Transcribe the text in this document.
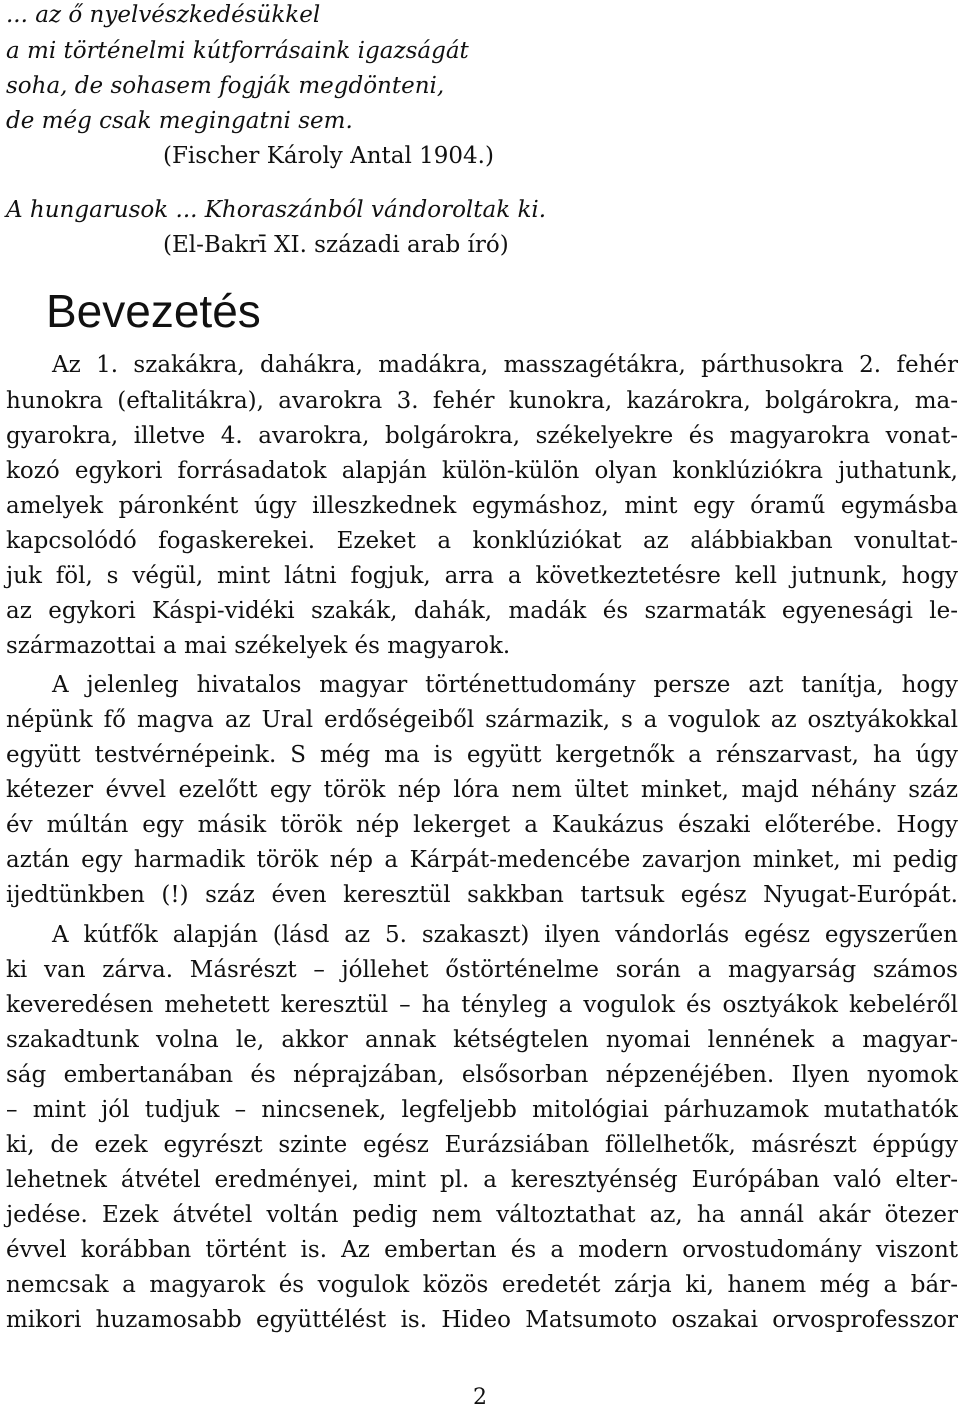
... az ő nyelvészkedésükkel
a mi történelmi kútforrásaink igazságát
soha, de sohasem fogják megdönteni,
de még csak megingatni sem.
(Fischer Károly Antal 1904.)
A hungarusok ... Khoraszánból vándoroltak ki.
(El-Bakrī XI. századi arab író)
Bevezetés
Az 1. szakákra, dahákra, madákra, masszagétákra, párthusokra 2. fehér
hunokra (eftalitákra), avarokra 3. fehér kunokra, kazárokra, bolgárokra, ma-
gyarokra, illetve 4. avarokra, bolgárokra, székelyekre és magyarokra vonat-
kozó egykori forrásadatok alapján külön-külön olyan konklúziókra juthatunk,
amelyek páronként úgy illeszkednek egymáshoz, mint egy óramű egymásba
kapcsolódó fogaskerekei. Ezeket a konklúziókat az alábbiakban vonultat-
juk föl, s végül, mint látni fogjuk, arra a következtetésre kell jutnunk, hogy
az egykori Káspi-vidéki szakák, dahák, madák és szarmaták egyenesági le-
származottai a mai székelyek és magyarok.
A jelenleg hivatalos magyar történettudomány persze azt tanítja, hogy
népünk fő magva az Ural erdőségeiből származik, s a vogulok az osztyákokkal
együtt testvérnépeink. S még ma is együtt kergetnők a rénszarvast, ha úgy
kétezer évvel ezelőtt egy török nép lóra nem ültet minket, majd néhány száz
év múltán egy másik török nép lekerget a Kaukázus északi előterébe. Hogy
aztán egy harmadik török nép a Kárpát-medencébe zavarjon minket, mi pedig
ijedtünkben (!) száz éven keresztül sakkban tartsuk egész Nyugat-Európát.
A kútfők alapján (lásd az 5. szakaszt) ilyen vándorlás egész egyszerűen
ki van zárva. Másrészt – jóllehet őstörténelme során a magyarság számos
keveredésen mehetett keresztül – ha tényleg a vogulok és osztyákok kebeléről
szakadtunk volna le, akkor annak kétségtelen nyomai lennének a magyar-
ság embertanában és néprajzában, elsősorban népzenéjében. Ilyen nyomok
– mint jól tudjuk – nincsenek, legfeljebb mitológiai párhuzamok mutathatók
ki, de ezek egyrészt szinte egész Eurázsiában föllelhetők, másrészt éppúgy
lehetnek átvétel eredményei, mint pl. a keresztyénség Európában való elter-
jedése. Ezek átvétel voltán pedig nem változtathat az, ha annál akár ötezer
évvel korábban történt is. Az embertan és a modern orvostudomány viszont
nemcsak a magyarok és vogulok közös eredetét zárja ki, hanem még a bár-
mikori huzamosabb együttélést is. Hideo Matsumoto oszakai orvosprofesszor
2
